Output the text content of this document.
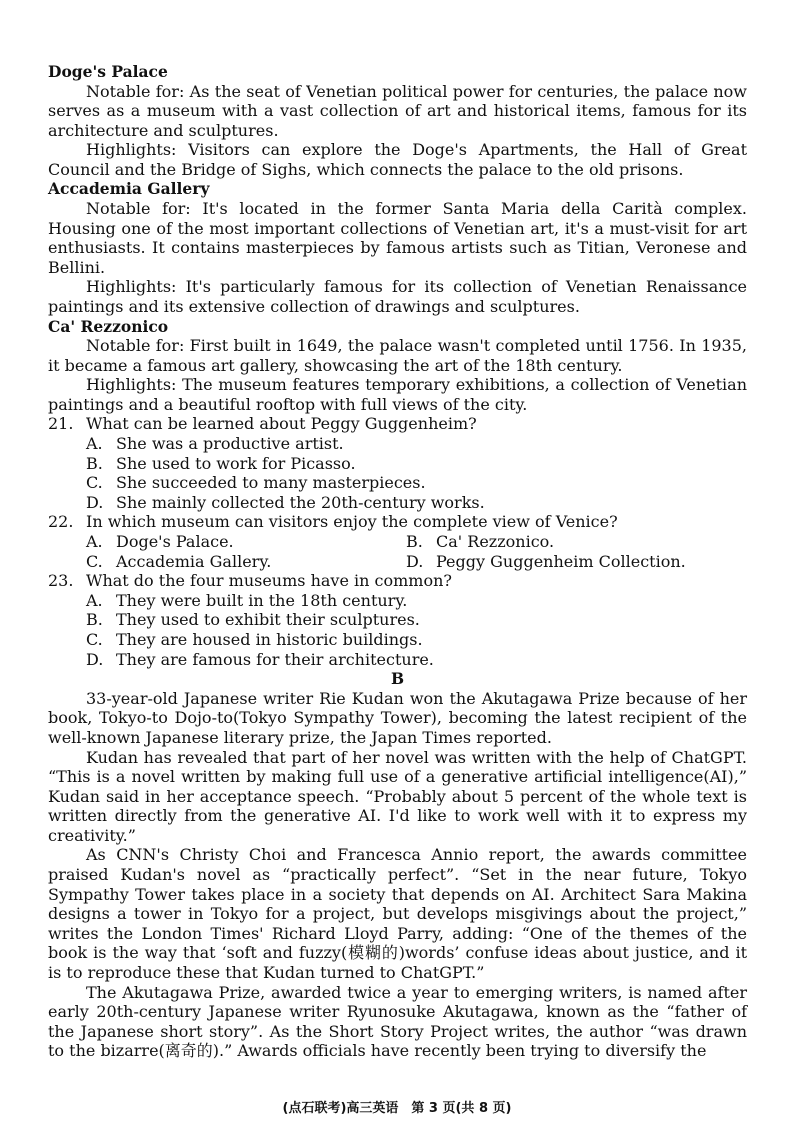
Doge's Palace
Notable for: As the seat of Venetian political power for centuries, the palace now serves as a museum with a vast collection of art and historical items, famous for its architecture and sculptures.
Highlights: Visitors can explore the Doge's Apartments, the Hall of Great Council and the Bridge of Sighs, which connects the palace to the old prisons.
Accademia Gallery
Notable for: It's located in the former Santa Maria della Carità complex. Housing one of the most important collections of Venetian art, it's a must-visit for art enthusiasts. It contains masterpieces by famous artists such as Titian, Veronese and Bellini.
Highlights: It's particularly famous for its collection of Venetian Renaissance paintings and its extensive collection of drawings and sculptures.
Ca' Rezzonico
Notable for: First built in 1649, the palace wasn't completed until 1756. In 1935, it became a famous art gallery, showcasing the art of the 18th century.
Highlights: The museum features temporary exhibitions, a collection of Venetian paintings and a beautiful rooftop with full views of the city.
21. What can be learned about Peggy Guggenheim?
A. She was a productive artist.
B. She used to work for Picasso.
C. She succeeded to many masterpieces.
D. She mainly collected the 20th-century works.
22. In which museum can visitors enjoy the complete view of Venice?
A. Doge's Palace.	B. Ca' Rezzonico.
C. Accademia Gallery.	D. Peggy Guggenheim Collection.
23. What do the four museums have in common?
A. They were built in the 18th century.
B. They used to exhibit their sculptures.
C. They are housed in historic buildings.
D. They are famous for their architecture.
B
33-year-old Japanese writer Rie Kudan won the Akutagawa Prize because of her book, Tokyo-to Dojo-to(Tokyo Sympathy Tower), becoming the latest recipient of the well-known Japanese literary prize, the Japan Times reported.
Kudan has revealed that part of her novel was written with the help of ChatGPT. “This is a novel written by making full use of a generative artificial intelligence(AI),” Kudan said in her acceptance speech. “Probably about 5 percent of the whole text is written directly from the generative AI. I'd like to work well with it to express my creativity.”
As CNN's Christy Choi and Francesca Annio report, the awards committee praised Kudan's novel as “practically perfect”. “Set in the near future, Tokyo Sympathy Tower takes place in a society that depends on AI. Architect Sara Makina designs a tower in Tokyo for a project, but develops misgivings about the project,” writes the London Times' Richard Lloyd Parry, adding: “One of the themes of the book is the way that ‘soft and fuzzy(模糊的)words’ confuse ideas about justice, and it is to reproduce these that Kudan turned to ChatGPT.”
The Akutagawa Prize, awarded twice a year to emerging writers, is named after early 20th-century Japanese writer Ryunosuke Akutagawa, known as the “father of the Japanese short story”. As the Short Story Project writes, the author “was drawn to the bizarre(离奇的).” Awards officials have recently been trying to diversify the
(点石联考)高三英语　第 3 页(共 8 页)
